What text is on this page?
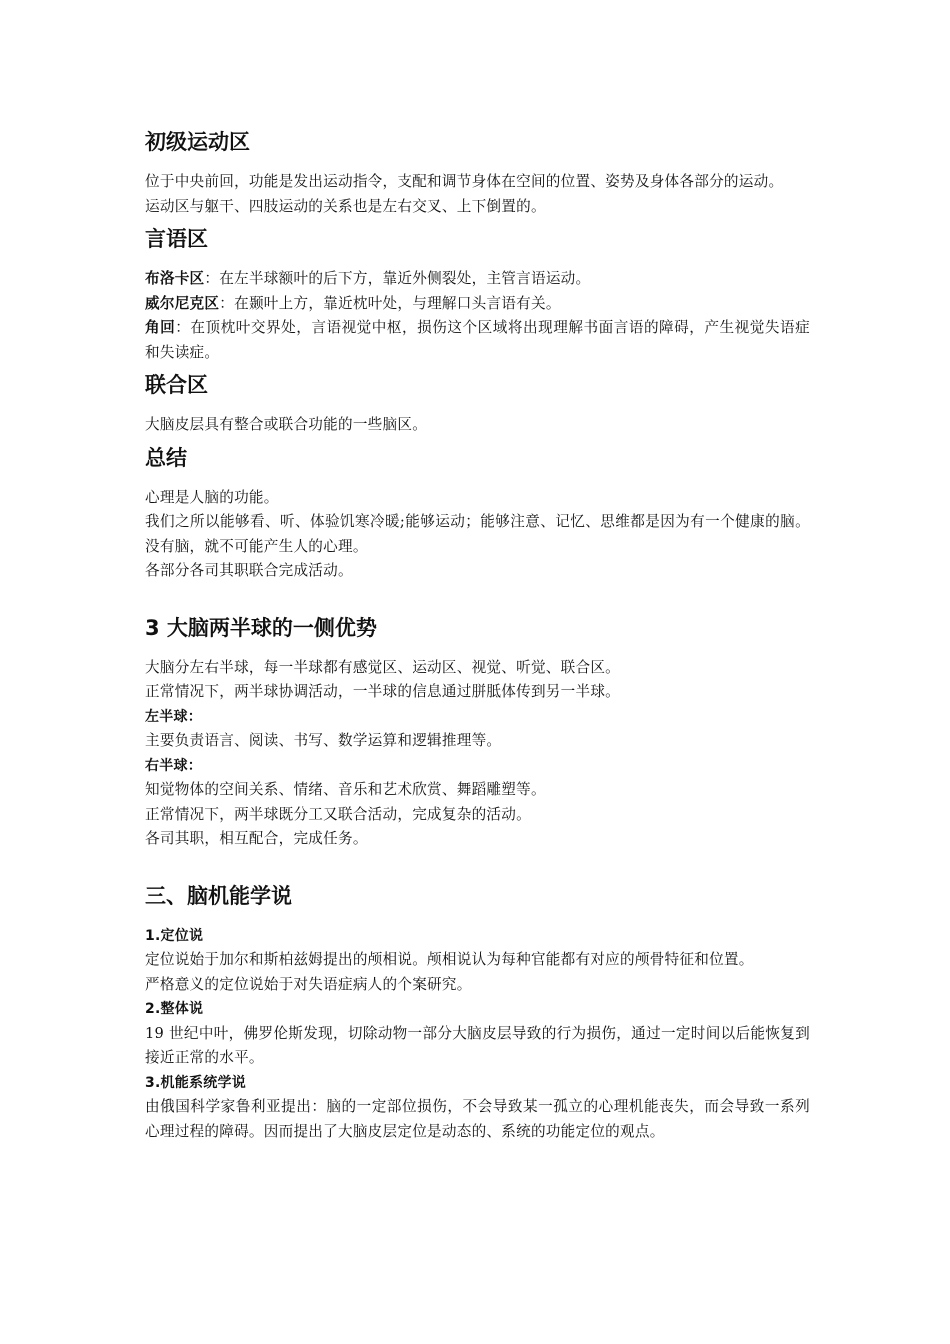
初级运动区

位于中央前回，功能是发出运动指令，支配和调节身体在空间的位置、姿势及身体各部分的运动。

运动区与躯干、四肢运动的关系也是左右交叉、上下倒置的。

言语区

布洛卡区：在左半球额叶的后下方，靠近外侧裂处，主管言语运动。

威尔尼克区：在颞叶上方，靠近枕叶处，与理解口头言语有关。

角回：在顶枕叶交界处，言语视觉中枢，损伤这个区域将出现理解书面言语的障碍，产生视觉失语症和失读症。

联合区

大脑皮层具有整合或联合功能的一些脑区。

总结

心理是人脑的功能。

我们之所以能够看、听、体验饥寒冷暖;能够运动；能够注意、记忆、思维都是因为有一个健康的脑。没有脑，就不可能产生人的心理。

各部分各司其职联合完成活动。

3 大脑两半球的一侧优势

大脑分左右半球，每一半球都有感觉区、运动区、视觉、听觉、联合区。

正常情况下，两半球协调活动，一半球的信息通过胼胝体传到另一半球。

左半球：

主要负责语言、阅读、书写、数学运算和逻辑推理等。

右半球：

知觉物体的空间关系、情绪、音乐和艺术欣赏、舞蹈雕塑等。

正常情况下，两半球既分工又联合活动，完成复杂的活动。

各司其职，相互配合，完成任务。

三、脑机能学说

1.定位说

定位说始于加尔和斯柏兹姆提出的颅相说。颅相说认为每种官能都有对应的颅骨特征和位置。

严格意义的定位说始于对失语症病人的个案研究。

2.整体说

19 世纪中叶，佛罗伦斯发现，切除动物一部分大脑皮层导致的行为损伤，通过一定时间以后能恢复到接近正常的水平。

3.机能系统学说

由俄国科学家鲁利亚提出：脑的一定部位损伤，不会导致某一孤立的心理机能丧失，而会导致一系列心理过程的障碍。因而提出了大脑皮层定位是动态的、系统的功能定位的观点。
